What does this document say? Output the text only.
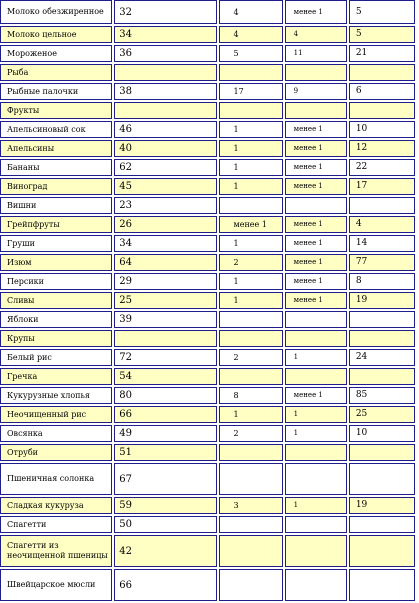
Молоко обезжиренное	32	4	менее 1	5
Молоко цельное	34	4	4	5
Мороженое	36	5	11	21
Рыба				
Рыбные палочки	38	17	9	6
Фрукты				
Апельсиновый сок	46	1	менее 1	10
Апельсины	40	1	менее 1	12
Бананы	62	1	менее 1	22
Виноград	45	1	менее 1	17
Вишни	23			
Грейпфруты	26	менее 1	менее 1	4
Груши	34	1	менее 1	14
Изюм	64	2	менее 1	77
Персики	29	1	менее 1	8
Сливы	25	1	менее 1	19
Яблоки	39			
Крупы				
Белый рис	72	2	1	24
Гречка	54			
Кукурузные хлопья	80	8	менее 1	85
Неочищенный рис	66	1	1	25
Овсянка	49	2	1	10
Отруби	51			
Пшеничная солонка	67			
Сладкая кукуруза	59	3	1	19
Спагетти	50			
Спагетти из неочищенной пшеницы	42			
Швейцарское мюсли	66			
